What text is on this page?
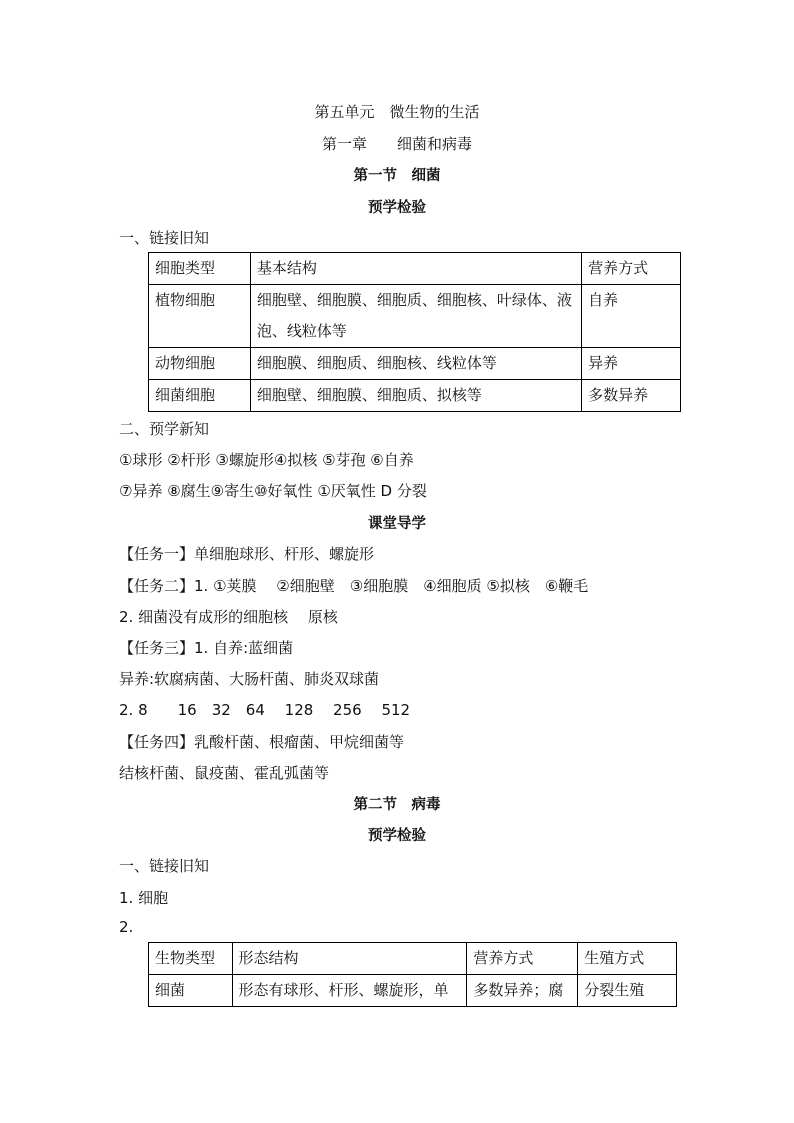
第五单元　微生物的生活
第一章　　细菌和病毒
第一节　细菌
预学检验
一、链接旧知
细胞类型	基本结构	营养方式
植物细胞	细胞壁、细胞膜、细胞质、细胞核、叶绿体、液泡、线粒体等	自养
动物细胞	细胞膜、细胞质、细胞核、线粒体等	异养
细菌细胞	细胞壁、细胞膜、细胞质、拟核等	多数异养
二、预学新知
①球形 ②杆形 ③螺旋形④拟核 ⑤芽孢 ⑥自养
⑦异养 ⑧腐生⑨寄生⑩好氧性 ①厌氧性 D 分裂
课堂导学
【任务一】单细胞球形、杆形、螺旋形
【任务二】1. ①荚膜　 ②细胞壁　③细胞膜　④细胞质 ⑤拟核　⑥鞭毛
2. 细菌没有成形的细胞核　 原核
【任务三】1. 自养:蓝细菌
异养:软腐病菌、大肠杆菌、肺炎双球菌
2. 8　　16　32　64　 128　 256　 512
【任务四】乳酸杆菌、根瘤菌、甲烷细菌等
结核杆菌、鼠疫菌、霍乱弧菌等
第二节　病毒
预学检验
一、链接旧知
1. 细胞
2.
生物类型	形态结构	营养方式	生殖方式
细菌	形态有球形、杆形、螺旋形，单	多数异养；腐	分裂生殖
